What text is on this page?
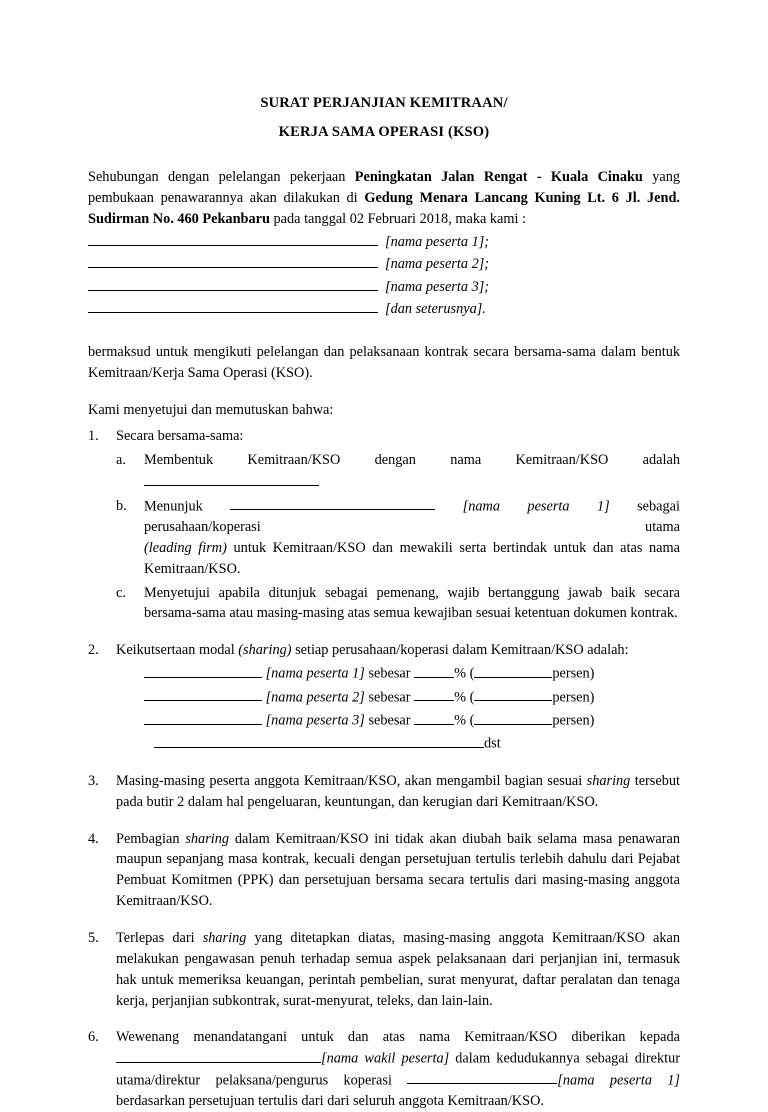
SURAT PERJANJIAN KEMITRAAN/
KERJA SAMA OPERASI (KSO)
Sehubungan dengan pelelangan pekerjaan Peningkatan Jalan Rengat - Kuala Cinaku yang pembukaan penawarannya akan dilakukan di Gedung Menara Lancang Kuning Lt. 6 Jl. Jend. Sudirman No. 460 Pekanbaru pada tanggal 02 Februari 2018, maka kami :
[nama peserta 1];
[nama peserta 2];
[nama peserta 3];
[dan seterusnya].
bermaksud untuk mengikuti pelelangan dan pelaksanaan kontrak secara bersama-sama dalam bentuk Kemitraan/Kerja Sama Operasi (KSO).
Kami menyetujui dan memutuskan bahwa:
1. Secara bersama-sama:
a. Membentuk Kemitraan/KSO dengan nama Kemitraan/KSO adalah
b. Menunjuk	[nama peserta 1] sebagai perusahaan/koperasi utama
(leading firm) untuk Kemitraan/KSO dan mewakili serta bertindak untuk dan atas nama Kemitraan/KSO.
c. Menyetujui apabila ditunjuk sebagai pemenang, wajib bertanggung jawab baik secara bersama-sama atau masing-masing atas semua kewajiban sesuai ketentuan dokumen kontrak.
2. Keikutsertaan modal (sharing) setiap perusahaan/koperasi dalam Kemitraan/KSO adalah:
[nama peserta 1] sebesar	% (	persen)
[nama peserta 2] sebesar	% (	persen)
[nama peserta 3] sebesar	% (	persen)
dst
3. Masing-masing peserta anggota Kemitraan/KSO, akan mengambil bagian sesuai sharing tersebut pada butir 2 dalam hal pengeluaran, keuntungan, dan kerugian dari Kemitraan/KSO.
4. Pembagian sharing dalam Kemitraan/KSO ini tidak akan diubah baik selama masa penawaran maupun sepanjang masa kontrak, kecuali dengan persetujuan tertulis terlebih dahulu dari Pejabat Pembuat Komitmen (PPK) dan persetujuan bersama secara tertulis dari masing-masing anggota Kemitraan/KSO.
5. Terlepas dari sharing yang ditetapkan diatas, masing-masing anggota Kemitraan/KSO akan melakukan pengawasan penuh terhadap semua aspek pelaksanaan dari perjanjian ini, termasuk hak untuk memeriksa keuangan, perintah pembelian, surat menyurat, daftar peralatan dan tenaga kerja, perjanjian subkontrak, surat-menyurat, teleks, dan lain-lain.
6. Wewenang menandatangani untuk dan atas nama Kemitraan/KSO diberikan kepada [nama wakil peserta] dalam kedudukannya sebagai direktur utama/direktur pelaksana/pengurus koperasi	[nama peserta 1] berdasarkan persetujuan tertulis dari dari seluruh anggota Kemitraan/KSO.
